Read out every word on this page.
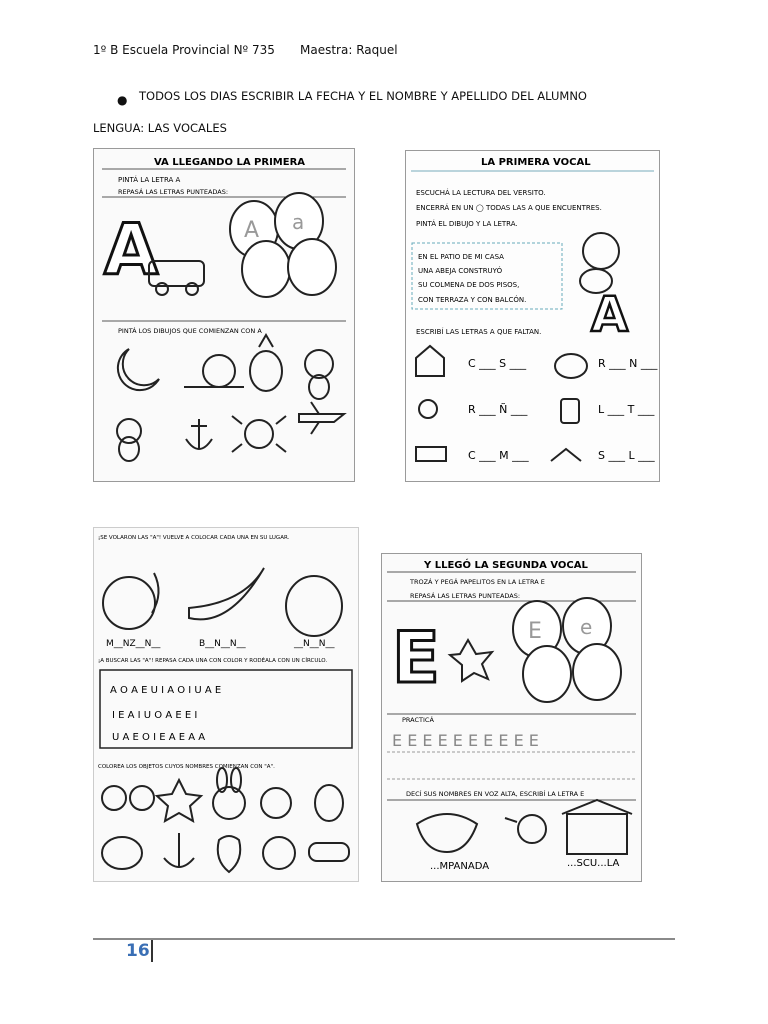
1º B Escuela Provincial Nº 735 Maestra: Raquel
● TODOS LOS DIAS ESCRIBIR LA FECHA Y EL NOMBRE Y APELLIDO DEL ALUMNO
LENGUA: LAS VOCALES
VA LLEGANDO LA PRIMERA
PINTÁ LA LETRA A
REPASÁ LAS LETRAS PUNTEADAS:
A	A a
PINTÁ LOS DIBUJOS QUE COMIENZAN CON A
LA PRIMERA VOCAL
ESCUCHÁ LA LECTURA DEL VERSITO.
ENCERRÁ EN UN ◯ TODAS LAS A QUE ENCUENTRES.
PINTÁ EL DIBUJO Y LA LETRA.
EN EL PATIO DE MI CASA
UNA ABEJA CONSTRUYÓ
SU COLMENA DE DOS PISOS,
CON TERRAZA Y CON BALCÓN. A
ESCRIBÍ LAS LETRAS A QUE FALTAN.
C ___ S ___	R ___ N ___
R ___ Ñ ___	L ___ T ___
C ___ M ___	S ___ L ___
¡SE VOLARON LAS "A"! VUELVE A COLOCAR CADA UNA EN SU LUGAR.
M__NZ__N__	B__N__N__	__N__N__
¡A BUSCAR LAS "A"! REPASA CADA UNA CON COLOR Y RODÉALA CON UN CÍRCULO.
A O A E U I A O I U A E
I E A I U O A E E I
U A E O I E A E A A
COLOREA LOS OBJETOS CUYOS NOMBRES COMIENZAN CON "A".
Y LLEGÓ LA SEGUNDA VOCAL
TROZÁ Y PEGÁ PAPELITOS EN LA LETRA E
REPASÁ LAS LETRAS PUNTEADAS:
E	E e
PRACTICÁ
E E E E E E E E E E
DECÍ SUS NOMBRES EN VOZ ALTA, ESCRIBÍ LA LETRA E
...MPANADA	...SCU...LA
16
